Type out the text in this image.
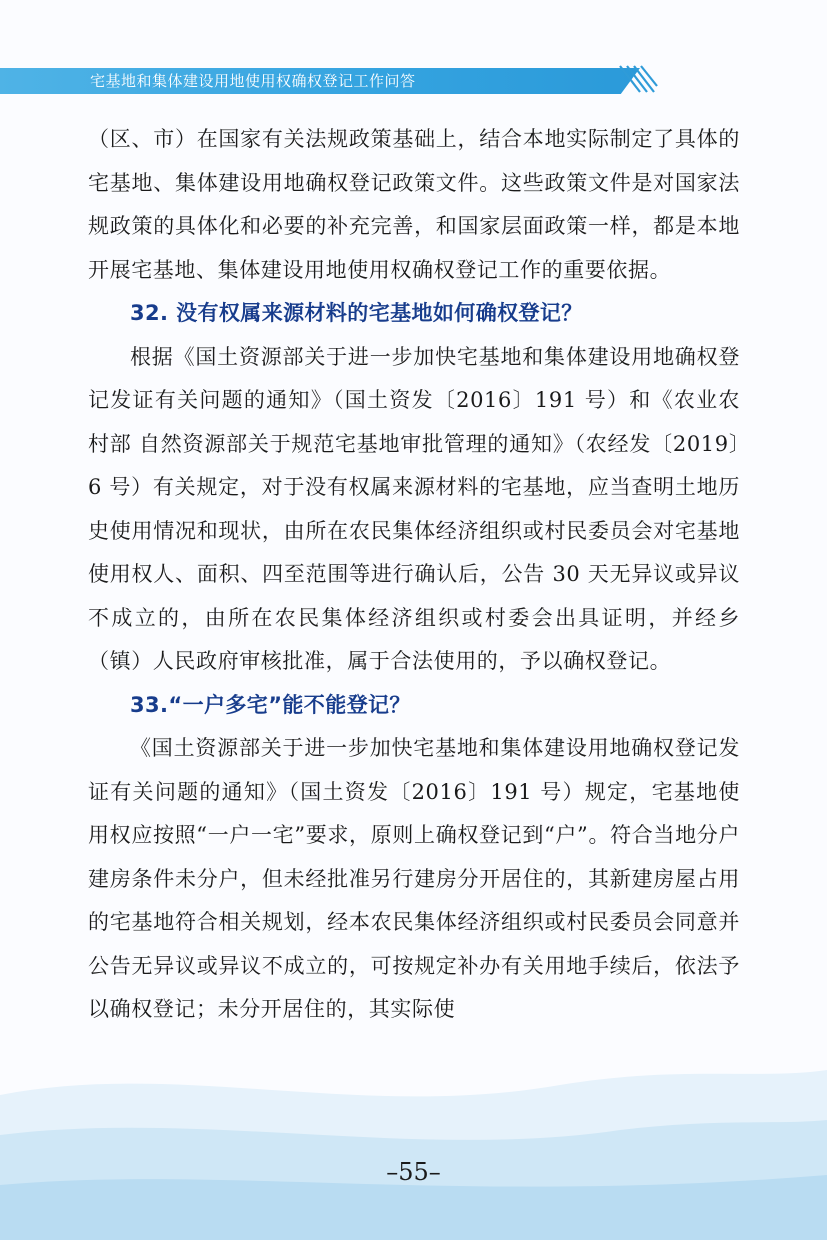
宅基地和集体建设用地使用权确权登记工作问答

（区、市）在国家有关法规政策基础上，结合本地实际制定了具体的宅基地、集体建设用地确权登记政策文件。这些政策文件是对国家法规政策的具体化和必要的补充完善，和国家层面政策一样，都是本地开展宅基地、集体建设用地使用权确权登记工作的重要依据。

32. 没有权属来源材料的宅基地如何确权登记？

根据《国土资源部关于进一步加快宅基地和集体建设用地确权登记发证有关问题的通知》（国土资发〔2016〕191 号）和《农业农村部 自然资源部关于规范宅基地审批管理的通知》（农经发〔2019〕6 号）有关规定，对于没有权属来源材料的宅基地，应当查明土地历史使用情况和现状，由所在农民集体经济组织或村民委员会对宅基地使用权人、面积、四至范围等进行确认后，公告 30 天无异议或异议不成立的，由所在农民集体经济组织或村委会出具证明，并经乡（镇）人民政府审核批准，属于合法使用的，予以确权登记。

33.“一户多宅”能不能登记？

《国土资源部关于进一步加快宅基地和集体建设用地确权登记发证有关问题的通知》（国土资发〔2016〕191 号）规定，宅基地使用权应按照“一户一宅”要求，原则上确权登记到“户”。符合当地分户建房条件未分户，但未经批准另行建房分开居住的，其新建房屋占用的宅基地符合相关规划，经本农民集体经济组织或村民委员会同意并公告无异议或异议不成立的，可按规定补办有关用地手续后，依法予以确权登记；未分开居住的，其实际使

–55–
